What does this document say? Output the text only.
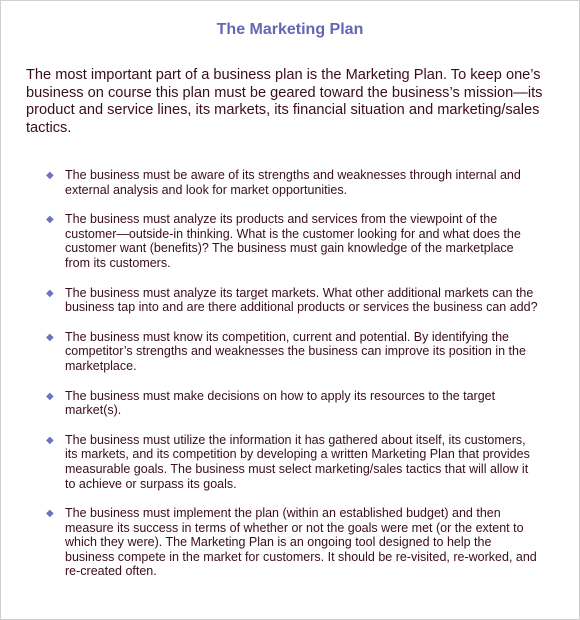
The Marketing Plan

The most important part of a business plan is the Marketing Plan. To keep one’s business on course this plan must be geared toward the business’s mission—its product and service lines, its markets, its financial situation and marketing/sales tactics.

◆ The business must be aware of its strengths and weaknesses through internal and external analysis and look for market opportunities.
◆ The business must analyze its products and services from the viewpoint of the customer—outside-in thinking. What is the customer looking for and what does the customer want (benefits)? The business must gain knowledge of the marketplace from its customers.
◆ The business must analyze its target markets. What other additional markets can the business tap into and are there additional products or services the business can add?
◆ The business must know its competition, current and potential. By identifying the competitor’s strengths and weaknesses the business can improve its position in the marketplace.
◆ The business must make decisions on how to apply its resources to the target market(s).
◆ The business must utilize the information it has gathered about itself, its customers, its markets, and its competition by developing a written Marketing Plan that provides measurable goals. The business must select marketing/sales tactics that will allow it to achieve or surpass its goals.
◆ The business must implement the plan (within an established budget) and then measure its success in terms of whether or not the goals were met (or the extent to which they were). The Marketing Plan is an ongoing tool designed to help the business compete in the market for customers. It should be re-visited, re-worked, and re-created often.
